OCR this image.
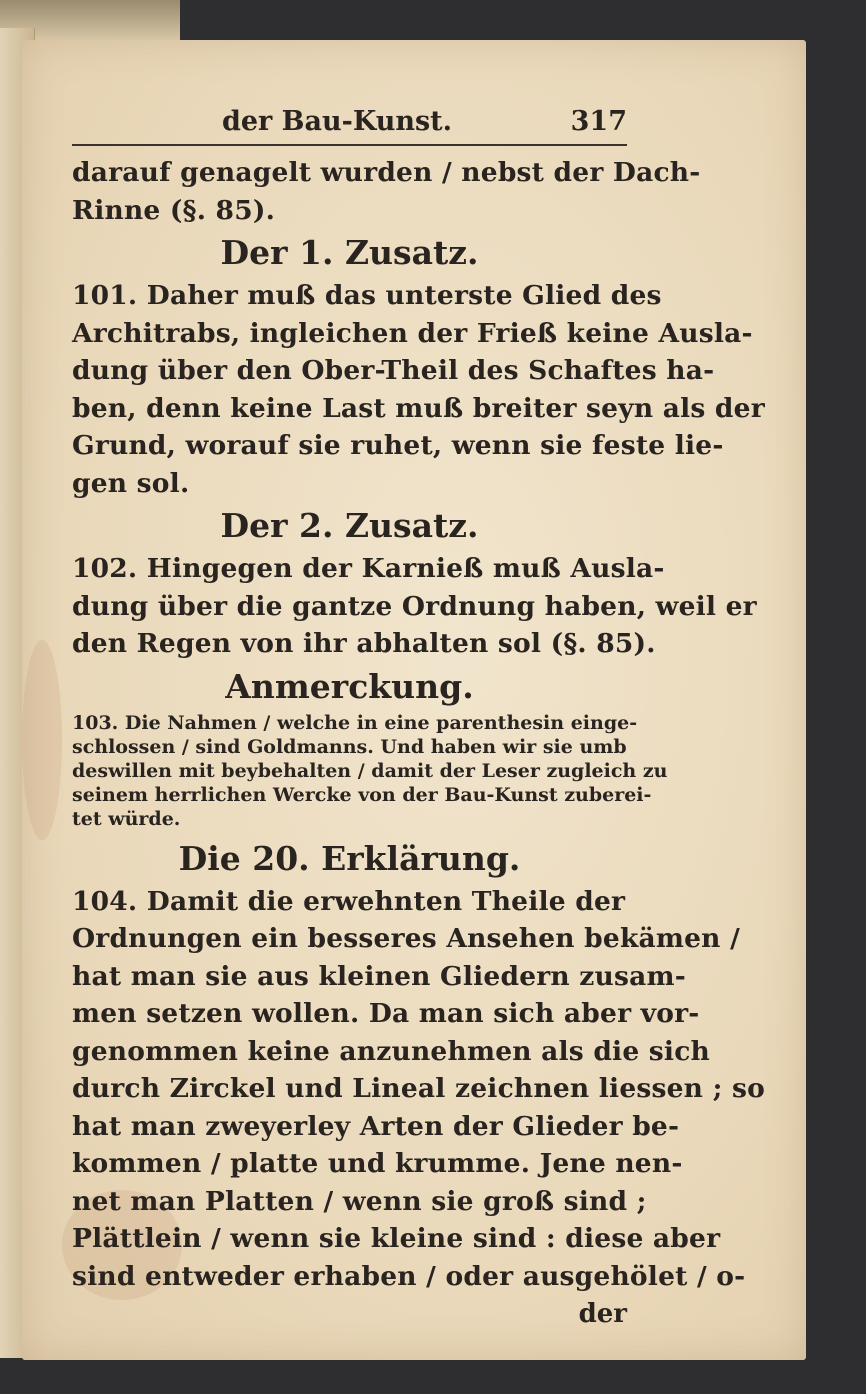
der Bau-Kunst.	317
darauf genagelt wurden / nebst der Dach-
Rinne (§. 85).
Der 1. Zusatz.
101. Daher muß das unterste Glied des
Architrabs, ingleichen der Frieß keine Ausla-
dung über den Ober-Theil des Schaftes ha-
ben, denn keine Last muß breiter seyn als der
Grund, worauf sie ruhet, wenn sie feste lie-
gen sol.
Der 2. Zusatz.
102. Hingegen der Karnieß muß Ausla-
dung über die gantze Ordnung haben, weil er
den Regen von ihr abhalten sol (§. 85).
Anmerckung.
103. Die Nahmen / welche in eine parenthesin einge-
schlossen / sind Goldmanns. Und haben wir sie umb
deswillen mit beybehalten / damit der Leser zugleich zu
seinem herrlichen Wercke von der Bau-Kunst zuberei-
tet würde.
Die 20. Erklärung.
104. Damit die erwehnten Theile der
Ordnungen ein besseres Ansehen bekämen /
hat man sie aus kleinen Gliedern zusam-
men setzen wollen. Da man sich aber vor-
genommen keine anzunehmen als die sich
durch Zirckel und Lineal zeichnen liessen ; so
hat man zweyerley Arten der Glieder be-
kommen / platte und krumme. Jene nen-
net man Platten / wenn sie groß sind ;
Plättlein / wenn sie kleine sind : diese aber
sind entweder erhaben / oder ausgehölet / o-
der
